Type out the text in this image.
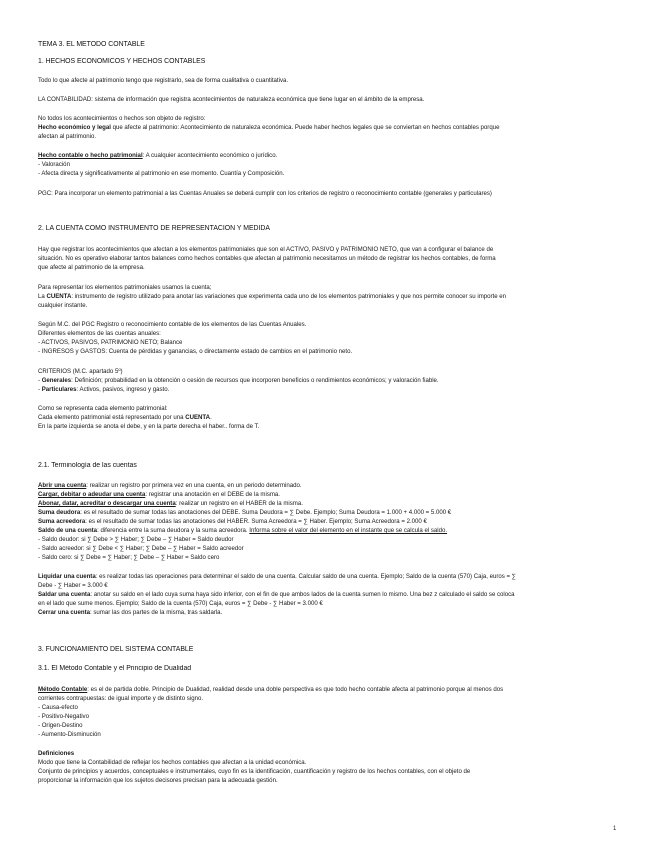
TEMA 3. EL MÉTODO CONTABLE
1. HECHOS ECONÓMICOS Y HECHOS CONTABLES
Todo lo que afecte al patrimonio tengo que registrarlo, sea de forma cualitativa o cuantitativa.
LA CONTABILIDAD: sistema de información que registra acontecimientos de naturaleza económica que tiene lugar en el ámbito de la empresa.
No todos los acontecimientos o hechos son objeto de registro:
Hecho económico y legal que afecte al patrimonio: Acontecimiento de naturaleza económica. Puede haber hechos legales que se conviertan en hechos contables porque
afectan al patrimonio.
Hecho contable o hecho patrimonial: A cualquier acontecimiento económico o jurídico.
- Valoración
- Afecta directa y significativamente al patrimonio en ese momento. Cuantía y Composición.
PGC: Para incorporar un elemento patrimonial a las Cuentas Anuales se deberá cumplir con los criterios de registro o reconocimiento contable (generales y particulares)
2. LA CUENTA COMO INSTRUMENTO DE REPRESENTACIÓN Y MEDIDA
Hay que registrar los acontecimientos que afectan a los elementos patrimoniales que son el ACTIVO, PASIVO y PATRIMONIO NETO, que van a configurar el balance de
situación. No es operativo elaborar tantos balances como hechos contables que afectan al patrimonio necesitamos un método de registrar los hechos contables, de forma
que afecte al patrimonio de la empresa.
Para representar los elementos patrimoniales usamos la cuenta;
La CUENTA: instrumento de registro utilizado para anotar las variaciones que experimenta cada uno de los elementos patrimoniales y que nos permite conocer su importe en
cualquier instante.
Según M.C. del PGC Registro o reconocimiento contable de los elementos de las Cuentas Anuales.
Diferentes elementos de las cuentas anuales:
- ACTIVOS, PASIVOS, PATRIMONIO NETO; Balance
- INGRESOS y GASTOS: Cuenta de pérdidas y ganancias, o directamente estado de cambios en el patrimonio neto.
CRITERIOS (M.C. apartado 5º)
- Generales: Definición; probabilidad en la obtención o cesión de recursos que incorporen beneficios o rendimientos económicos; y valoración fiable.
- Particulares: Activos, pasivos, ingreso y gasto.
Como se representa cada elemento patrimonial:
Cada elemento patrimonial está representado por una CUENTA.
En la parte izquierda se anota el debe, y en la parte derecha el haber.. forma de T.
2.1. Terminología de las cuentas
Abrir una cuenta: realizar un registro por primera vez en una cuenta, en un periodo determinado.
Cargar, debitar o adeudar una cuenta: registrar una anotación en el DEBE de la misma.
Abonar, datar, acreditar o descargar una cuenta: realizar un registro en el HABER de la misma.
Suma deudora: es el resultado de sumar todas las anotaciones del DEBE. Suma Deudora = ∑ Debe. Ejemplo; Suma Deudora = 1.000 + 4.000 = 5.000 €
Suma acreedora: es el resultado de sumar todas las anotaciones del HABER. Suma Acreedora = ∑ Haber. Ejemplo; Suma Acreedora = 2.000 €
Saldo de una cuenta: diferencia entre la suma deudora y la suma acreedora. Informa sobre el valor del elemento en el instante que se calcula el saldo.
- Saldo deudor: si ∑ Debe > ∑ Haber; ∑ Debe – ∑ Haber = Saldo deudor
- Saldo acreedor: si ∑ Debe < ∑ Haber; ∑ Debe – ∑ Haber = Saldo acreedor
- Saldo cero: si ∑ Debe = ∑ Haber; ∑ Debe – ∑ Haber = Saldo cero
Liquidar una cuenta: es realizar todas las operaciones para determinar el saldo de una cuenta. Calcular saldo de una cuenta. Ejemplo; Saldo de la cuenta (570) Caja, euros = ∑
Debe - ∑ Haber = 3.000 €
Saldar una cuenta: anotar su saldo en el lado cuya suma haya sido inferior, con el fin de que ambos lados de la cuenta sumen lo mismo. Una bez z calculado el saldo se coloca
en el lado que sume menos. Ejemplo; Saldo de la cuenta (570) Caja, euros = ∑ Debe - ∑ Haber = 3.000 €
Cerrar una cuenta: sumar las dos partes de la misma, tras saldarla.
3. FUNCIONAMIENTO DEL SISTEMA CONTABLE
3.1. El Método Contable y el Principio de Dualidad
Método Contable: es el de partida doble. Principio de Dualidad, realidad desde una doble perspectiva es que todo hecho contable afecta al patrimonio porque al menos dos
corrientes contrapuestas: de igual importe y de distinto signo.
- Causa-efecto
- Positivo-Negativo
- Origen-Destino
- Aumento-Disminución
Definiciones
Modo que tiene la Contabilidad de reflejar los hechos contables que afectan a la unidad económica.
Conjunto de principios y acuerdos, conceptuales e instrumentales, cuyo fin es la identificación, cuantificación y registro de los hechos contables, con el objeto de
proporcionar la información que los sujetos decisores precisan para la adecuada gestión.
1
